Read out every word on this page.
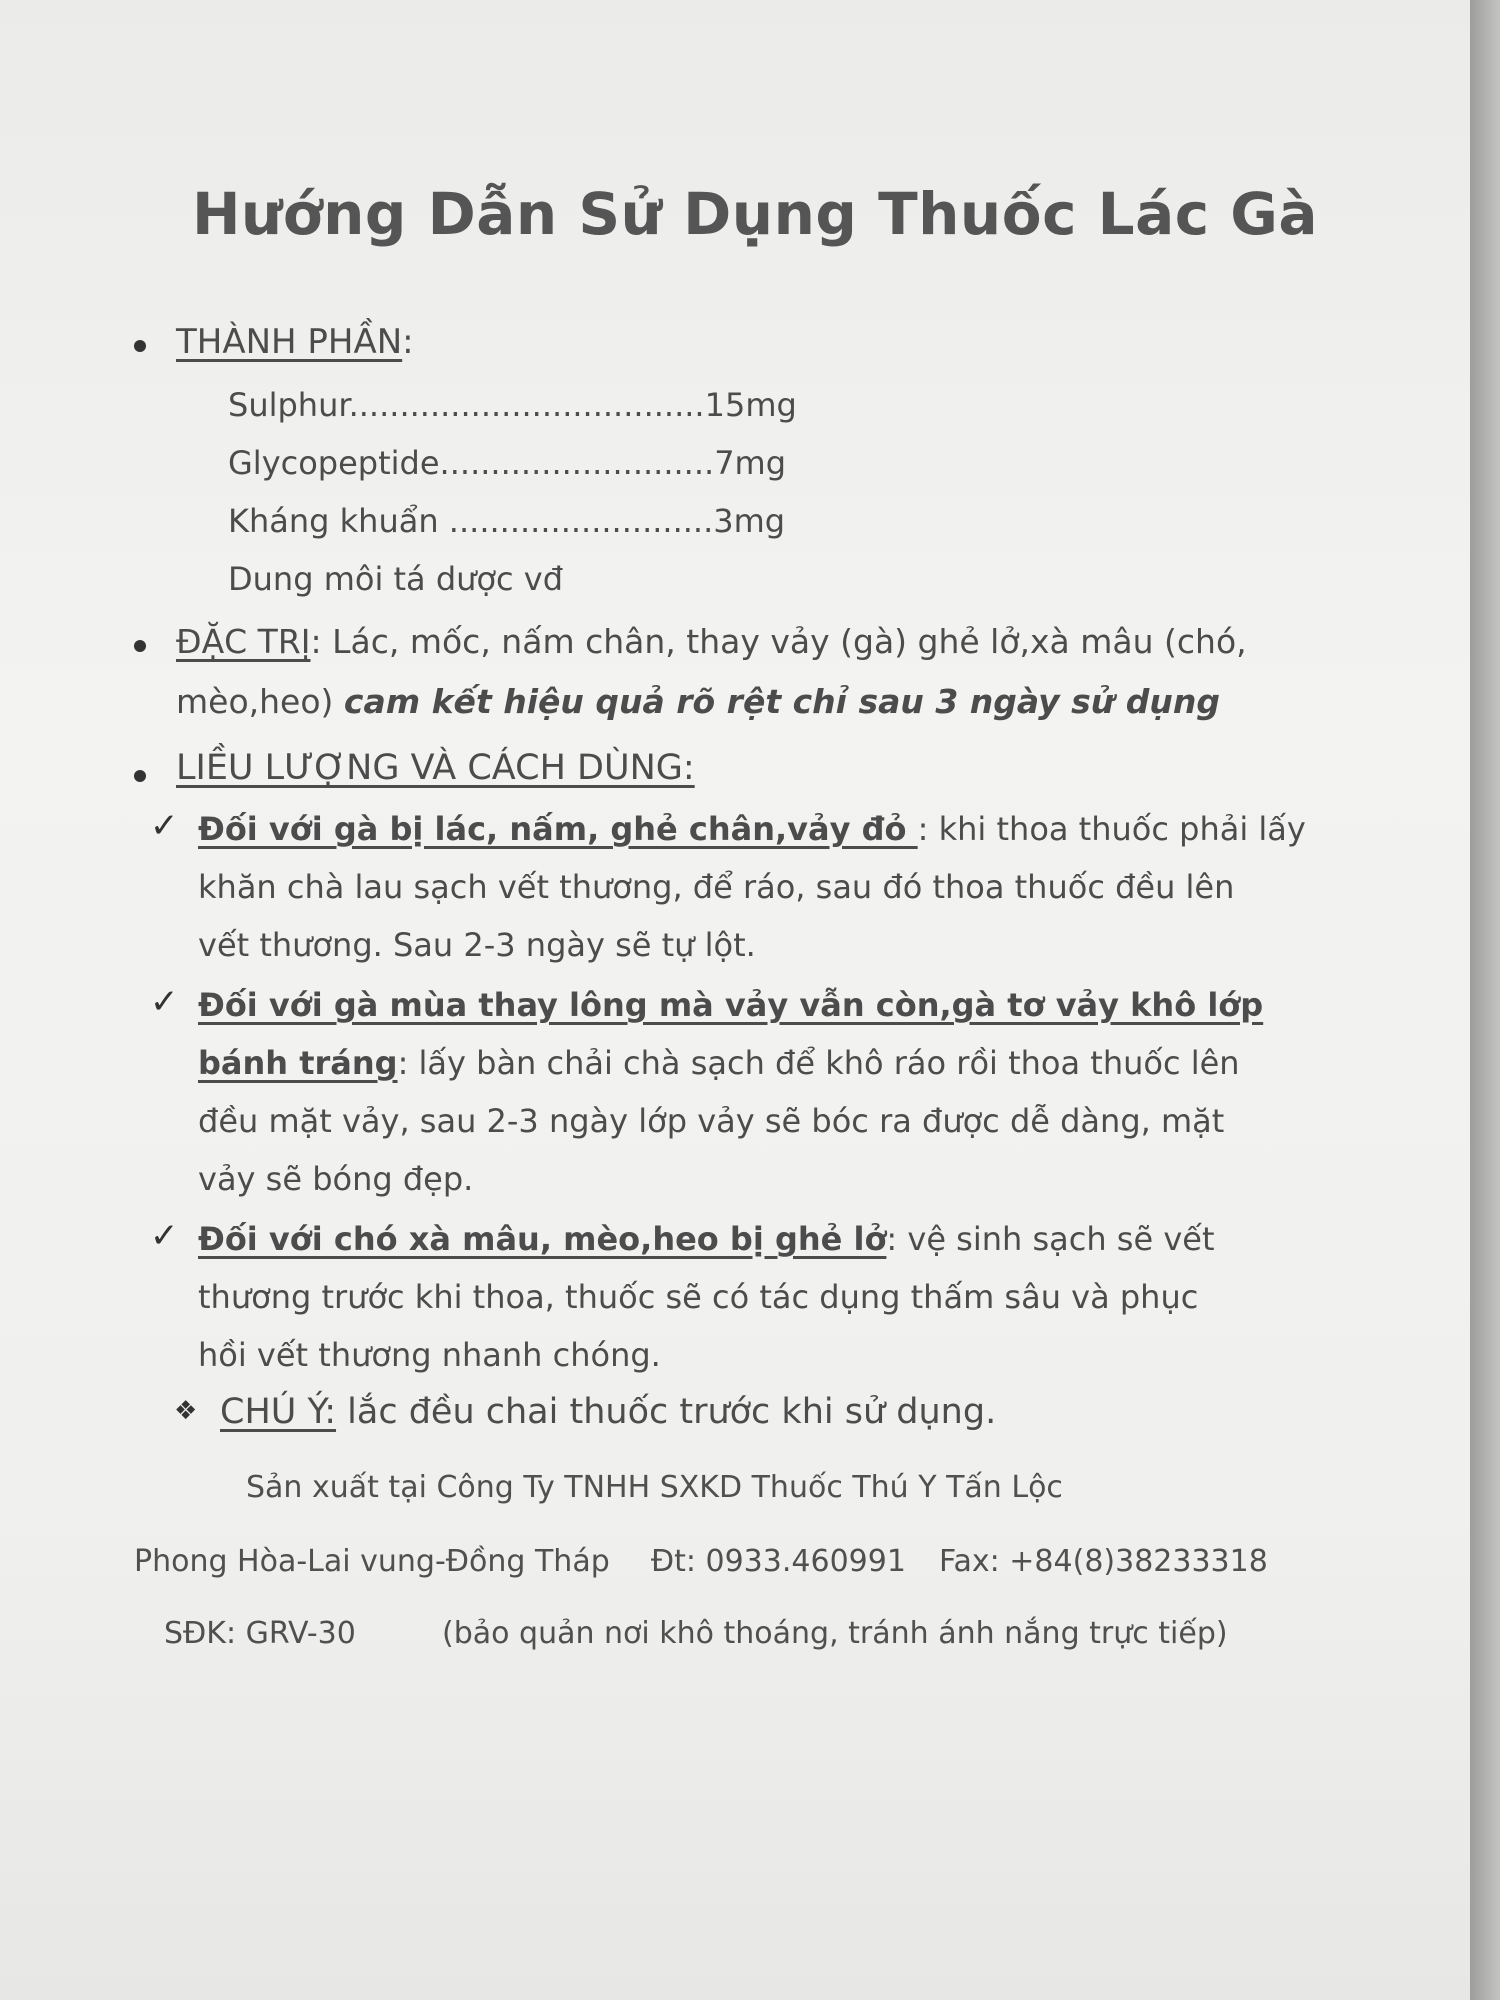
Hướng Dẫn Sử Dụng Thuốc Lác Gà
THÀNH PHẦN:
Sulphur...................................15mg
Glycopeptide...........................7mg
Kháng khuẩn ..........................3mg
Dung môi tá dược vđ
ĐẶC TRỊ: Lác, mốc, nấm chân, thay vảy (gà) ghẻ lở,xà mâu (chó,
mèo,heo) cam kết hiệu quả rõ rệt chỉ sau 3 ngày sử dụng
LIỀU LƯỢNG VÀ CÁCH DÙNG:
✓ Đối với gà bị lác, nấm, ghẻ chân,vảy đỏ : khi thoa thuốc phải lấy
khăn chà lau sạch vết thương, để ráo, sau đó thoa thuốc đều lên
vết thương. Sau 2-3 ngày sẽ tự lột.
✓ Đối với gà mùa thay lông mà vảy vẫn còn,gà tơ vảy khô lớp
bánh tráng: lấy bàn chải chà sạch để khô ráo rồi thoa thuốc lên
đều mặt vảy, sau 2-3 ngày lớp vảy sẽ bóc ra được dễ dàng, mặt
vảy sẽ bóng đẹp.
✓ Đối với chó xà mâu, mèo,heo bị ghẻ lở: vệ sinh sạch sẽ vết
thương trước khi thoa, thuốc sẽ có tác dụng thấm sâu và phục
hồi vết thương nhanh chóng.
❖ CHÚ Ý: lắc đều chai thuốc trước khi sử dụng.
Sản xuất tại Công Ty TNHH SXKD Thuốc Thú Y Tấn Lộc
Phong Hòa-Lai vung-Đồng Tháp Đt: 0933.460991 Fax: +84(8)38233318
SĐK: GRV-30	(bảo quản nơi khô thoáng, tránh ánh nắng trực tiếp)
